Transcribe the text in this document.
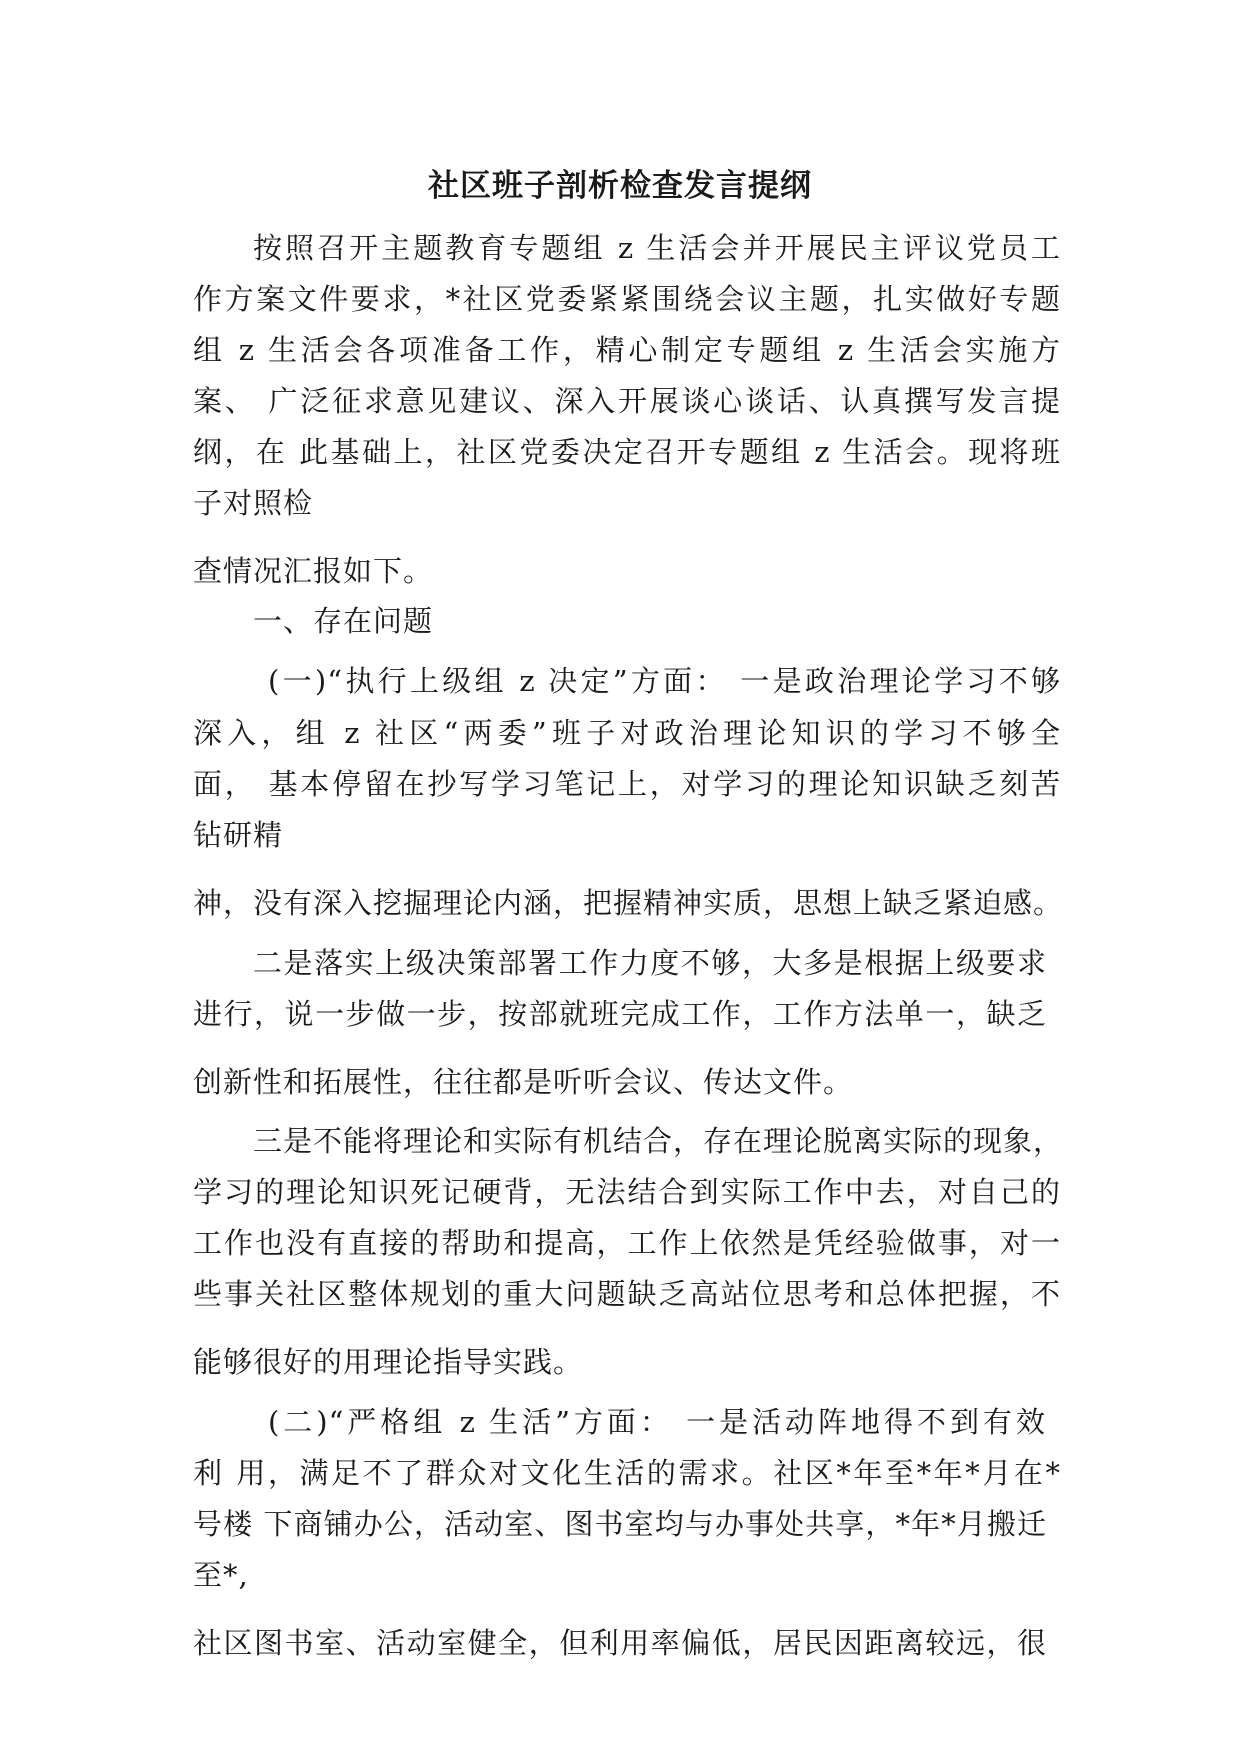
社区班子剖析检查发言提纲
按照召开主题教育专题组 z 生活会并开展民主评议党员工
作方案文件要求，*社区党委紧紧围绕会议主题，扎实做好专题
组 z 生活会各项准备工作，精心制定专题组 z 生活会实施方
案、 广泛征求意见建议、深入开展谈心谈话、认真撰写发言提
纲，在 此基础上，社区党委决定召开专题组 z 生活会。现将班
子对照检
查情况汇报如下。
一、存在问题
(一)“执行上级组 z 决定”方面： 一是政治理论学习不够
深入，组 z 社区“两委”班子对政治理论知识的学习不够全
面， 基本停留在抄写学习笔记上，对学习的理论知识缺乏刻苦
钻研精
神，没有深入挖掘理论内涵，把握精神实质，思想上缺乏紧迫感。
二是落实上级决策部署工作力度不够，大多是根据上级要求
进行，说一步做一步，按部就班完成工作，工作方法单一，缺乏
创新性和拓展性，往往都是听听会议、传达文件。
三是不能将理论和实际有机结合，存在理论脱离实际的现象，
学习的理论知识死记硬背，无法结合到实际工作中去，对自己的
工作也没有直接的帮助和提高，工作上依然是凭经验做事，对一
些事关社区整体规划的重大问题缺乏高站位思考和总体把握，不
能够很好的用理论指导实践。
(二)“严格组 z 生活”方面： 一是活动阵地得不到有效
利 用，满足不了群众对文化生活的需求。社区*年至*年*月在*
号楼 下商铺办公，活动室、图书室均与办事处共享，*年*月搬迁
至*,
社区图书室、活动室健全，但利用率偏低，居民因距离较远，很
